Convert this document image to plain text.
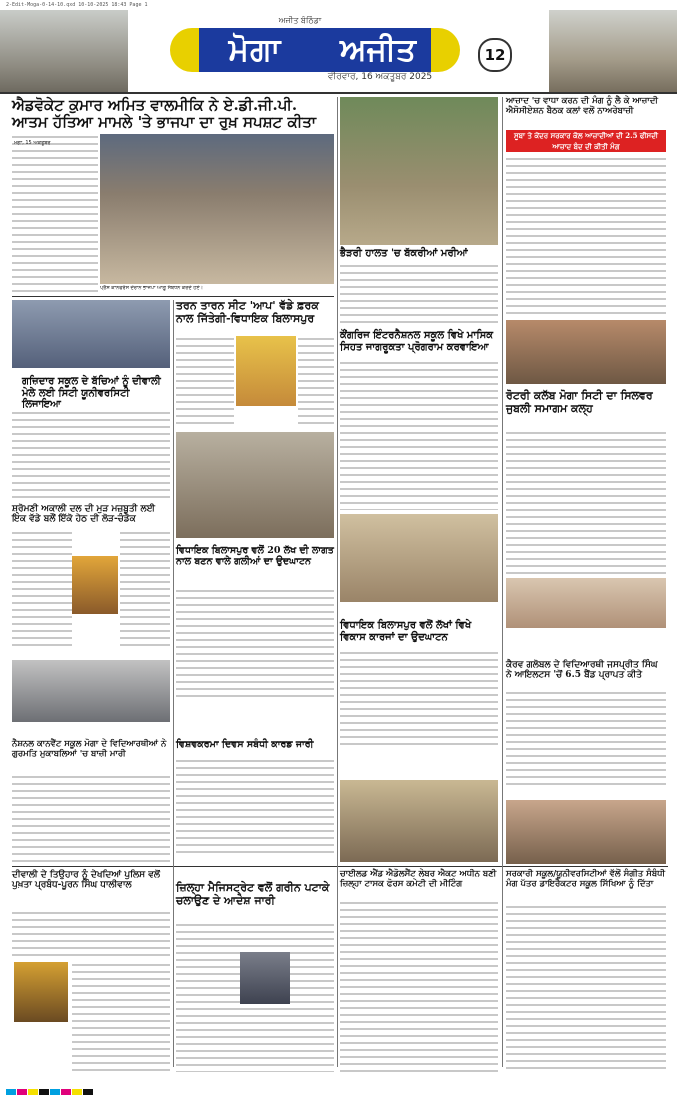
2-Edit-Moga-0-14-10.qxd 10-10-2025 18:43 Page 1
ਅਜੀਤ ਬੰਠਿੰਡਾ
ਮੋਗਾ	ਅਜੀਤ
ਵੀਰਵਾਰ, 16 ਅਕਤੂਬਰ 2025
12
ਐਡਵੋਕੇਟ ਕੁਮਾਰ ਅਮਿਤ ਵਾਲਮੀਕਿ ਨੇ ਏ.ਡੀ.ਜੀ.ਪੀ. ਆਤਮ ਹੱਤਿਆ ਮਾਮਲੇ 'ਤੇ ਭਾਜਪਾ ਦਾ ਰੁਖ਼ ਸਪਸ਼ਟ ਕੀਤਾ
ਪ੍ਰੈਸ ਕਾਨਫਰੰਸ ਦੌਰਾਨ ਭਾਜਪਾ ਆਗੂ ਸੰਬੋਧਨ ਕਰਦੇ ਹੋਏ।
ਭੈੜਰੀ ਹਾਲਤ 'ਚ ਬੱਕਰੀਆਂ ਮਰੀਆਂ
ਆਜ਼ਾਦ 'ਚ ਵਾਧਾ ਕਰਨ ਦੀ ਮੰਗ ਨੂੰ ਲੈ ਕੇ ਆਜ਼ਾਦੀ ਐਸੋਸੀਏਸ਼ਨ ਬੈਠਕ ਕਲਾਂ ਵਲੋਂ ਨਾਅਰੇਬਾਜ਼ੀ
ਸੂਬਾ ਤੇ ਕੇਂਦਰ ਸਰਕਾਰ ਕੋਲ ਆਜ਼ਾਦੀਆਂ ਦੀ 2.5 ਫੀਸਦੀ ਆਜ਼ਾਦ ਬੰਦ ਦੀ ਕੀਤੀ ਮੰਗ
ਗਜ਼ਿਦਾਰ ਸਕੂਲ ਦੇ ਬੱਚਿਆਂ ਨੂੰ ਦੀਵਾਲੀ ਮੇਲੇ ਲਈ ਸਿਟੀ ਯੂਨੀਵਰਸਿਟੀ ਲਿਜਾਇਆ
ਤਰਨ ਤਾਰਨ ਸੀਟ 'ਆਪ' ਵੱਡੇ ਫ਼ਰਕ ਨਾਲ ਜਿੱਤੇਗੀ-ਵਿਧਾਇਕ ਬਿਲਾਸਪੁਰ
ਕੌਂਗਰਿਜ ਇੰਟਰਨੈਸ਼ਨਲ ਸਕੂਲ ਵਿਖੇ ਮਾਸਿਕ ਸਿਹਤ ਜਾਗਰੂਕਤਾ ਪ੍ਰੋਗਰਾਮ ਕਰਵਾਇਆ
ਰੋਟਰੀ ਕਲੱਬ ਮੋਗਾ ਸਿਟੀ ਦਾ ਸਿਲਵਰ ਜੁਬਲੀ ਸਮਾਗਮ ਕਲ੍ਹ
ਸ਼੍ਰੋਮਣੀ ਅਕਾਲੀ ਦਲ ਦੀ ਮੁੜ ਮਜ਼ਬੂਤੀ ਲਈ ਇਕ ਵੱਡੇ ਬਲੌਂ ਇੱਕੋ ਹੇਠ ਦੀ ਲੋੜ-ਚੰਡੋਕ
ਵਿਧਾਇਕ ਬਿਲਾਸਪੁਰ ਵਲੋਂ 20 ਲੱਖ ਦੀ ਲਾਗਤ ਨਾਲ ਬਣਨ ਵਾਲੇ ਗਲੀਆਂ ਦਾ ਉਦਘਾਟਨ
ਵਿਧਾਇਕ ਬਿਲਾਸਪੁਰ ਵਲੋਂ ਲੱਖਾਂ ਵਿਖੇ ਵਿਕਾਸ ਕਾਰਜਾਂ ਦਾ ਉਦਘਾਟਨ
ਕੈਰਵ ਗਲੋਬਲ ਦੇ ਵਿਦਿਆਰਥੀ ਜਸਪ੍ਰੀਤ ਸਿੰਘ ਨੇ ਆਇਲਟਸ 'ਚੋਂ 6.5 ਬੈਂਡ ਪ੍ਰਾਪਤ ਕੀਤੇ
ਨੈਸ਼ਨਲ ਕਾਨਵੈਂਟ ਸਕੂਲ ਮੋਗਾ ਦੇ ਵਿਦਿਆਰਥੀਆਂ ਨੇ ਗੁਰਮਤਿ ਮੁਕਾਬਲਿਆਂ 'ਚ ਬਾਜ਼ੀ ਮਾਰੀ
ਵਿਸ਼ਵਕਰਮਾ ਦਿਵਸ ਸਬੰਧੀ ਕਾਰਡ ਜਾਰੀ
ਦੀਵਾਲੀ ਦੇ ਤਿਉਹਾਰ ਨੂੰ ਦੇਖਦਿਆਂ ਪੁਲਿਸ ਵਲੋਂ ਪੁਖ਼ਤਾ ਪ੍ਰਬੰਧ-ਪੂਰਨ ਸਿੰਘ ਧਾਲੀਵਾਲ	ਜ਼ਿਲ੍ਹਾ ਮੈਜਿਸਟ੍ਰੇਟ ਵਲੋਂ ਗਰੀਨ ਪਟਾਕੇ ਚਲਾਉਣ ਦੇ ਆਦੇਸ਼ ਜਾਰੀ
ਚਾਈਲਡ ਐਂਡ ਐਡੋਲਸੈਂਟ ਲੇਬਰ ਐਕਟ ਅਧੀਨ ਬਣੀ ਜ਼ਿਲ੍ਹਾ ਟਾਸਕ ਫੋਰਸ ਕਮੇਟੀ ਦੀ ਮੀਟਿੰਗ
ਸਰਕਾਰੀ ਸਕੂਲ/ਯੂਨੀਵਰਸਿਟੀਆਂ ਵੱਲੋਂ ਸੰਗੀਤ ਸੰਬੰਧੀ ਮੰਗ ਪੱਤਰ ਡਾਇਰੈਕਟਰ ਸਕੂਲ ਸਿੱਖਿਆ ਨੂੰ ਦਿੱਤਾ
ਮੋਗਾ, 15 ਅਕਤੂਬਰ
